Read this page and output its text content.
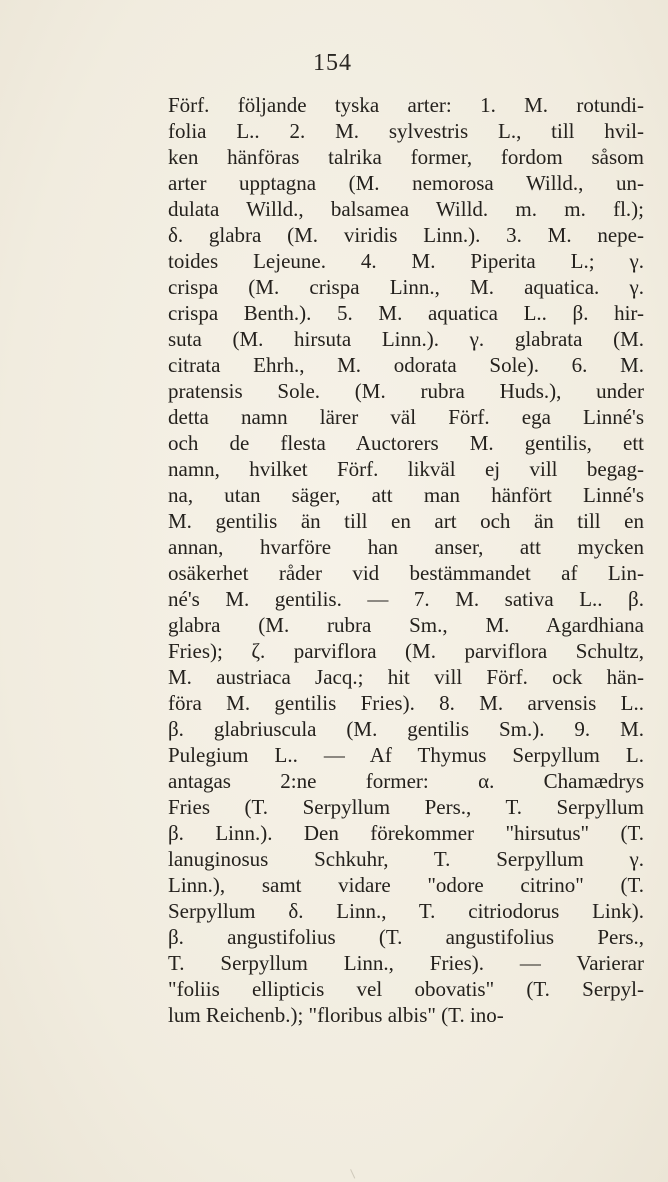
154
Förf. följande tyska arter: 1. M. rotundi-
folia L.. 2. M. sylvestris L., till hvil-
ken hänföras talrika former, fordom såsom
arter upptagna (M. nemorosa Willd., un-
dulata Willd., balsamea Willd. m. m. fl.);
δ. glabra (M. viridis Linn.). 3. M. nepe-
toides Lejeune. 4. M. Piperita L.; γ.
crispa (M. crispa Linn., M. aquatica. γ.
crispa Benth.). 5. M. aquatica L.. β. hir-
suta (M. hirsuta Linn.). γ. glabrata (M.
citrata Ehrh., M. odorata Sole). 6. M.
pratensis Sole. (M. rubra Huds.), under
detta namn lärer väl Förf. ega Linné's
och de flesta Auctorers M. gentilis, ett
namn, hvilket Förf. likväl ej vill begag-
na, utan säger, att man hänfört Linné's
M. gentilis än till en art och än till en
annan, hvarföre han anser, att mycken
osäkerhet råder vid bestämmandet af Lin-
né's M. gentilis. — 7. M. sativa L.. β.
glabra (M. rubra Sm., M. Agardhiana
Fries); ζ. parviflora (M. parviflora Schultz,
M. austriaca Jacq.; hit vill Förf. ock hän-
föra M. gentilis Fries). 8. M. arvensis L..
β. glabriuscula (M. gentilis Sm.). 9. M.
Pulegium L.. — Af Thymus Serpyllum L.
antagas 2:ne former: α. Chamædrys
Fries (T. Serpyllum Pers., T. Serpyllum
β. Linn.). Den förekommer "hirsutus" (T.
lanuginosus Schkuhr, T. Serpyllum γ.
Linn.), samt vidare "odore citrino" (T.
Serpyllum δ. Linn., T. citriodorus Link).
β. angustifolius (T. angustifolius Pers.,
T. Serpyllum Linn., Fries). — Varierar
"foliis ellipticis vel obovatis" (T. Serpyl-
lum Reichenb.); "floribus albis" (T. ino-
